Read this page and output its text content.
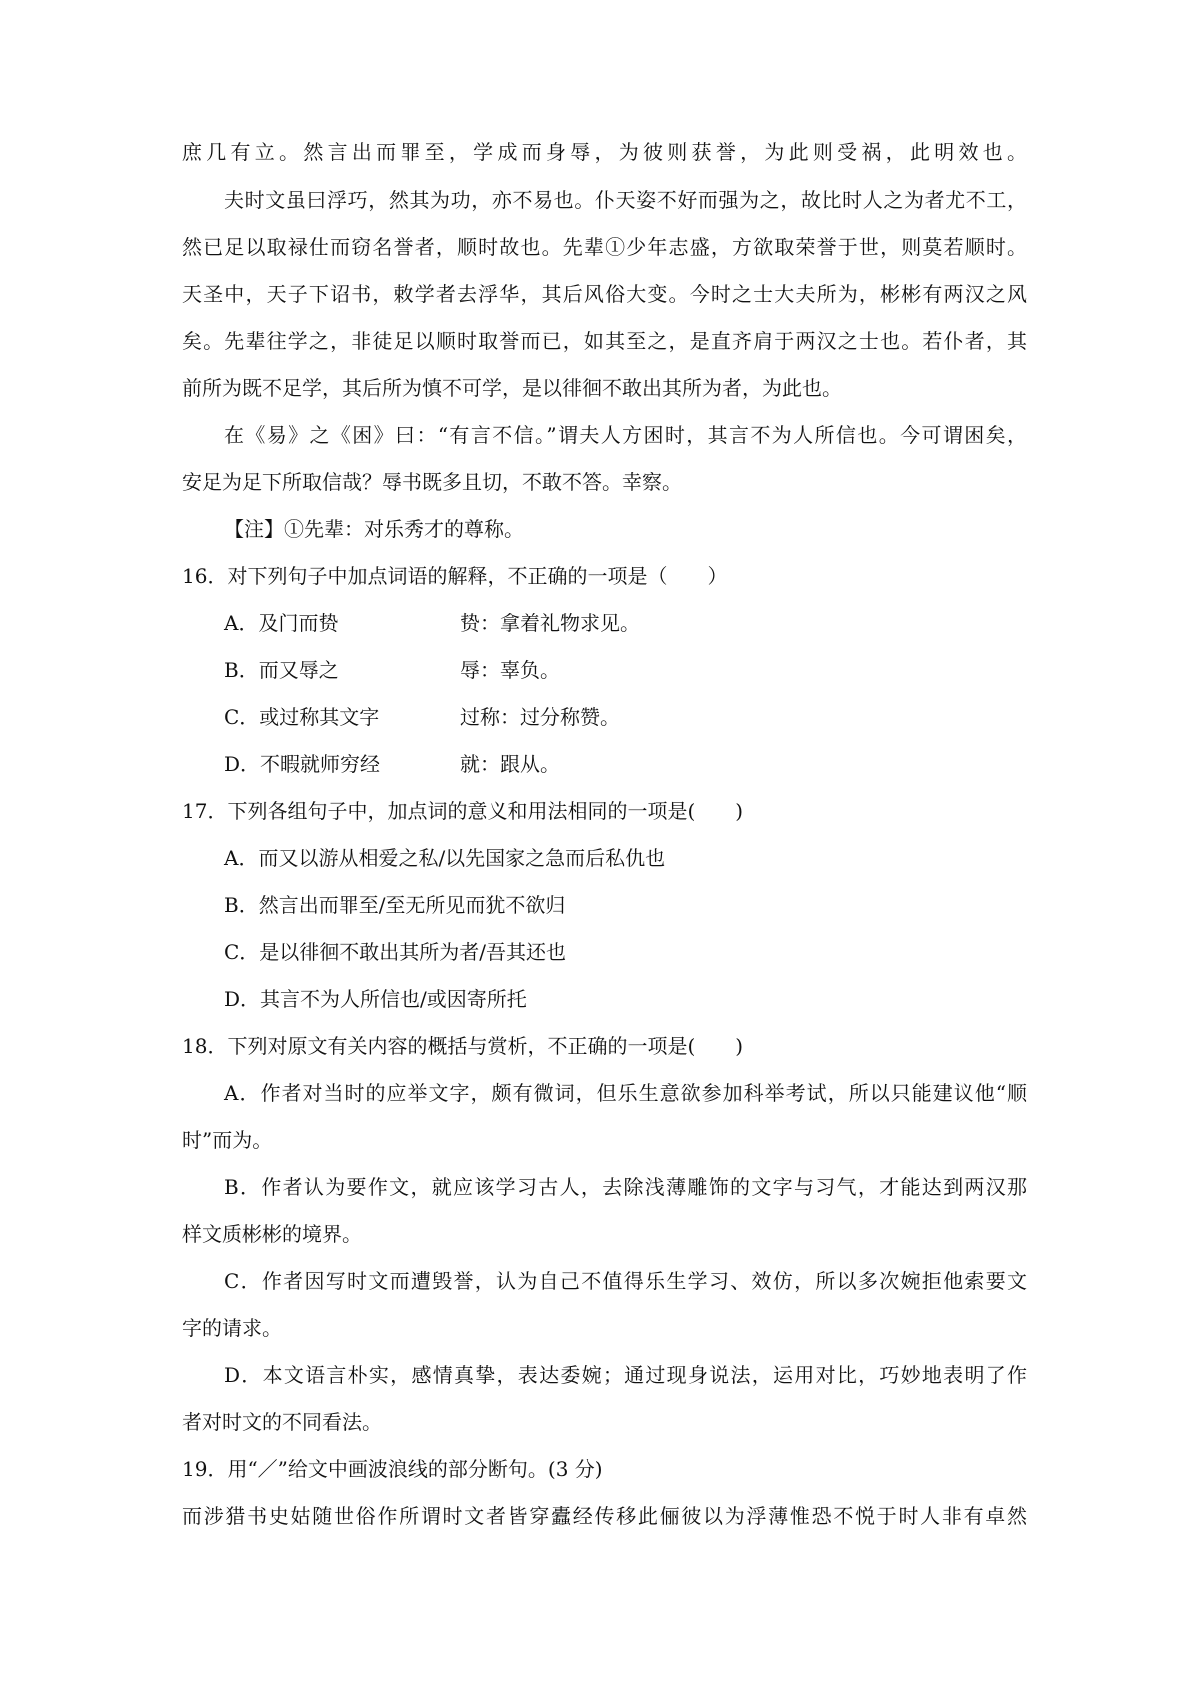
庶几有立。然言出而罪至，学成而身辱，为彼则获誉，为此则受祸，此明效也。
夫时文虽曰浮巧，然其为功，亦不易也。仆天姿不好而强为之，故比时人之为者尤不工，
然已足以取禄仕而窃名誉者，顺时故也。先辈①少年志盛，方欲取荣誉于世，则莫若顺时。
天圣中，天子下诏书，敕学者去浮华，其后风俗大变。今时之士大夫所为，彬彬有两汉之风
矣。先辈往学之，非徒足以顺时取誉而已，如其至之，是直齐肩于两汉之士也。若仆者，其
前所为既不足学，其后所为慎不可学，是以徘徊不敢出其所为者，为此也。
在《易》之《困》曰：“有言不信。”谓夫人方困时，其言不为人所信也。今可谓困矣，
安足为足下所取信哉？辱书既多且切，不敢不答。幸察。
【注】①先辈：对乐秀才的尊称。
16．对下列句子中加点词语的解释，不正确的一项是（　　）
A．及门而贽	贽：拿着礼物求见。
B．而又辱之	辱：辜负。
C．或过称其文字	过称：过分称赞。
D．不暇就师穷经	就：跟从。
17．下列各组句子中，加点词的意义和用法相同的一项是(　　)
A．而又以游从相爱之私/以先国家之急而后私仇也
B．然言出而罪至/至无所见而犹不欲归
C．是以徘徊不敢出其所为者/吾其还也
D．其言不为人所信也/或因寄所托
18．下列对原文有关内容的概括与赏析，不正确的一项是(　　)
A．作者对当时的应举文字，颇有微词，但乐生意欲参加科举考试，所以只能建议他“顺
时”而为。
B．作者认为要作文，就应该学习古人，去除浅薄雕饰的文字与习气，才能达到两汉那
样文质彬彬的境界。
C．作者因写时文而遭毁誉，认为自己不值得乐生学习、效仿，所以多次婉拒他索要文
字的请求。
D．本文语言朴实，感情真挚，表达委婉；通过现身说法，运用对比，巧妙地表明了作
者对时文的不同看法。
19．用“／”给文中画波浪线的部分断句。(3 分)
而涉猎书史姑随世俗作所谓时文者皆穿蠹经传移此俪彼以为浮薄惟恐不悦于时人非有卓然
